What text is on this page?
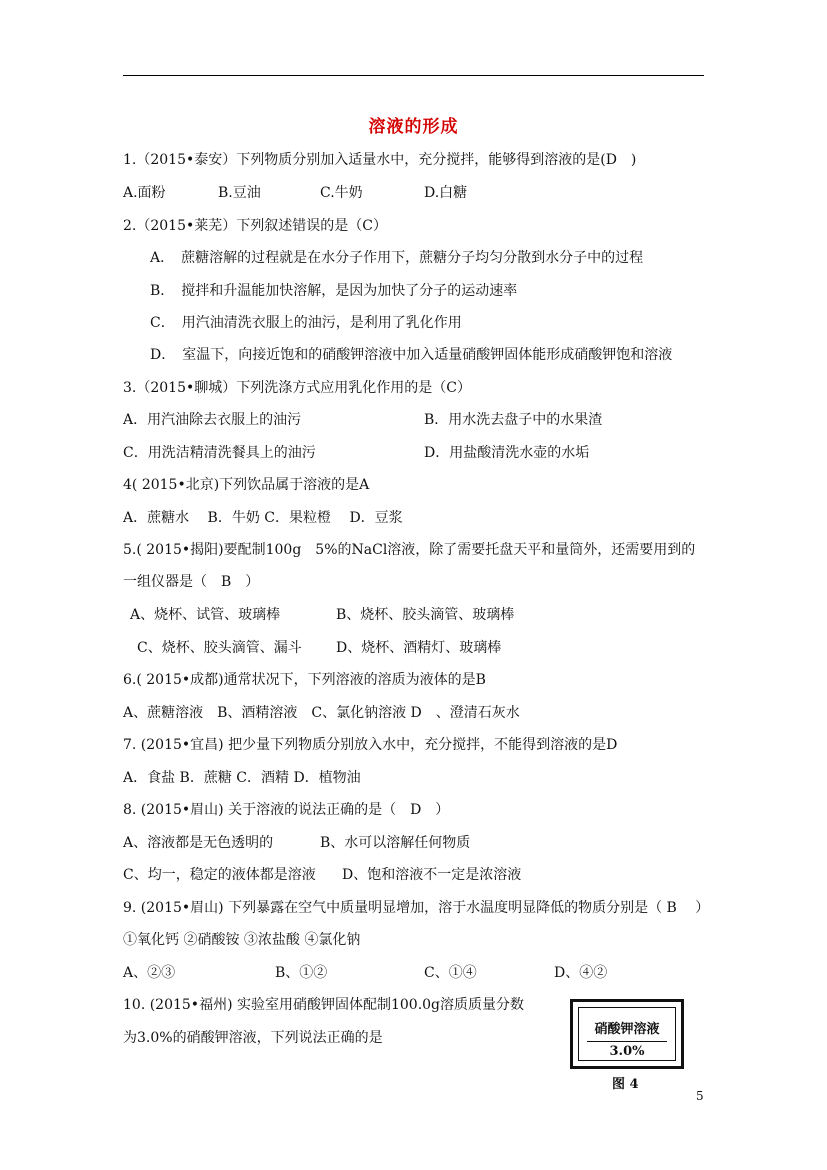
溶液的形成
1.（2015•泰安）下列物质分别加入适量水中，充分搅拌，能够得到溶液的是(D　)
A.面粉	B.豆油	C.牛奶	D.白糖
2.（2015•莱芜）下列叙述错误的是（C）
A．　蔗糖溶解的过程就是在水分子作用下，蔗糖分子均匀分散到水分子中的过程
B．　搅拌和升温能加快溶解，是因为加快了分子的运动速率
C．　用汽油清洗衣服上的油污，是利用了乳化作用
D．　室温下，向接近饱和的硝酸钾溶液中加入适量硝酸钾固体能形成硝酸钾饱和溶液
3.（2015•聊城）下列洗涤方式应用乳化作用的是（C）
A．用汽油除去衣服上的油污	B．用水洗去盘子中的水果渣
C．用洗洁精清洗餐具上的油污	D．用盐酸清洗水壶的水垢
4( 2015•北京)下列饮品属于溶液的是A
A．蔗糖水　 B．牛奶 C．果粒橙　 D．豆浆
5.( 2015•揭阳)要配制100g　5%的NaCl溶液，除了需要托盘天平和量筒外，还需要用到的
一组仪器是（　B　）
A、烧杯、试管、玻璃棒	B、烧杯、胶头滴管、玻璃棒
C、烧杯、胶头滴管、漏斗 D、烧杯、酒精灯、玻璃棒
6.( 2015•成都)通常状况下，下列溶液的溶质为液体的是B
A、蔗糖溶液　B、酒精溶液　C、氯化钠溶液 D　、澄清石灰水
7. (2015•宜昌) 把少量下列物质分别放入水中，充分搅拌，不能得到溶液的是D
A．食盐 B．蔗糖 C．酒精 D．植物油
8. (2015•眉山) 关于溶液的说法正确的是（　D　）
A、溶液都是无色透明的	B、水可以溶解任何物质
C、均一，稳定的液体都是溶液 D、饱和溶液不一定是浓溶液
9. (2015•眉山) 下列暴露在空气中质量明显增加，溶于水温度明显降低的物质分别是（ B　 ）
①氧化钙 ②硝酸铵 ③浓盐酸 ④氯化钠
A、②③	B、①②	C、①④	D、④②
10. (2015•福州) 实验室用硝酸钾固体配制100.0g溶质质量分数
为3.0%的硝酸钾溶液，下列说法正确的是
硝酸钾溶液
3.0%
图 4
5
